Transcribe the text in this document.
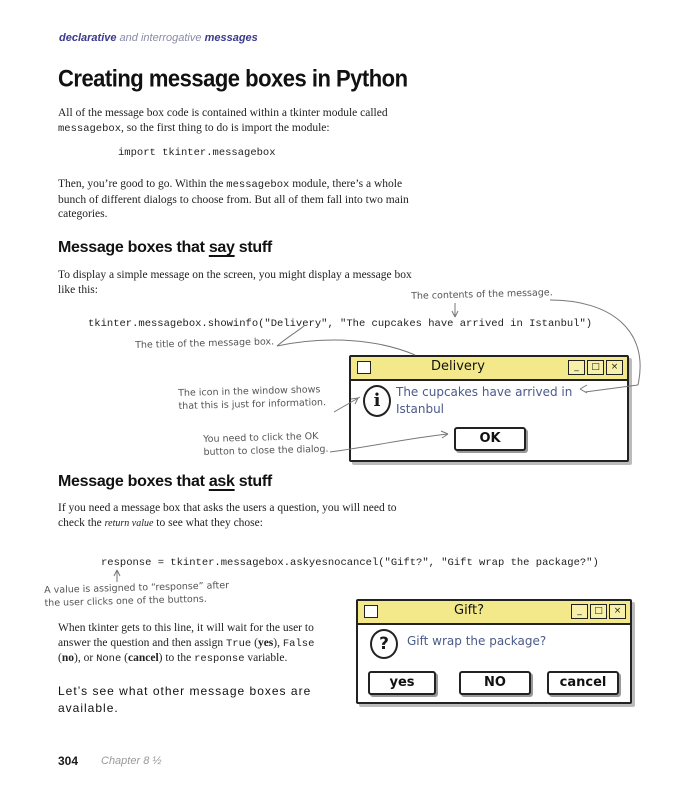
declarative and interrogative messages
Creating message boxes in Python
All of the message box code is contained within a tkinter module called
messagebox, so the first thing to do is import the module:
import tkinter.messagebox
Then, you’re good to go. Within the messagebox module, there’s a whole
bunch of different dialogs to choose from. But all of them fall into two main
categories.
Message boxes that say stuff
To display a simple message on the screen, you might display a message box
like this:	The contents of the message.
tkinter.messagebox.showinfo("Delivery", "The cupcakes have arrived in Istanbul")
The title of the message box.
The icon in the window shows
that this is just for information.
You need to click the OK
button to close the dialog.
Delivery	_	□	×
i	The cupcakes have arrived in
Istanbul
OK
Message boxes that ask stuff
If you need a message box that asks the users a question, you will need to
check the return value to see what they chose:
response = tkinter.messagebox.askyesnocancel("Gift?", "Gift wrap the package?")
A value is assigned to “response” after
the user clicks one of the buttons.
When tkinter gets to this line, it will wait for the user to
answer the question and then assign True (yes), False
(no), or None (cancel) to the response variable.
Let’s see what other message boxes are
available.
Gift?	_	□	×
?	Gift wrap the package?
yes	NO	cancel
304 Chapter 8 ½
